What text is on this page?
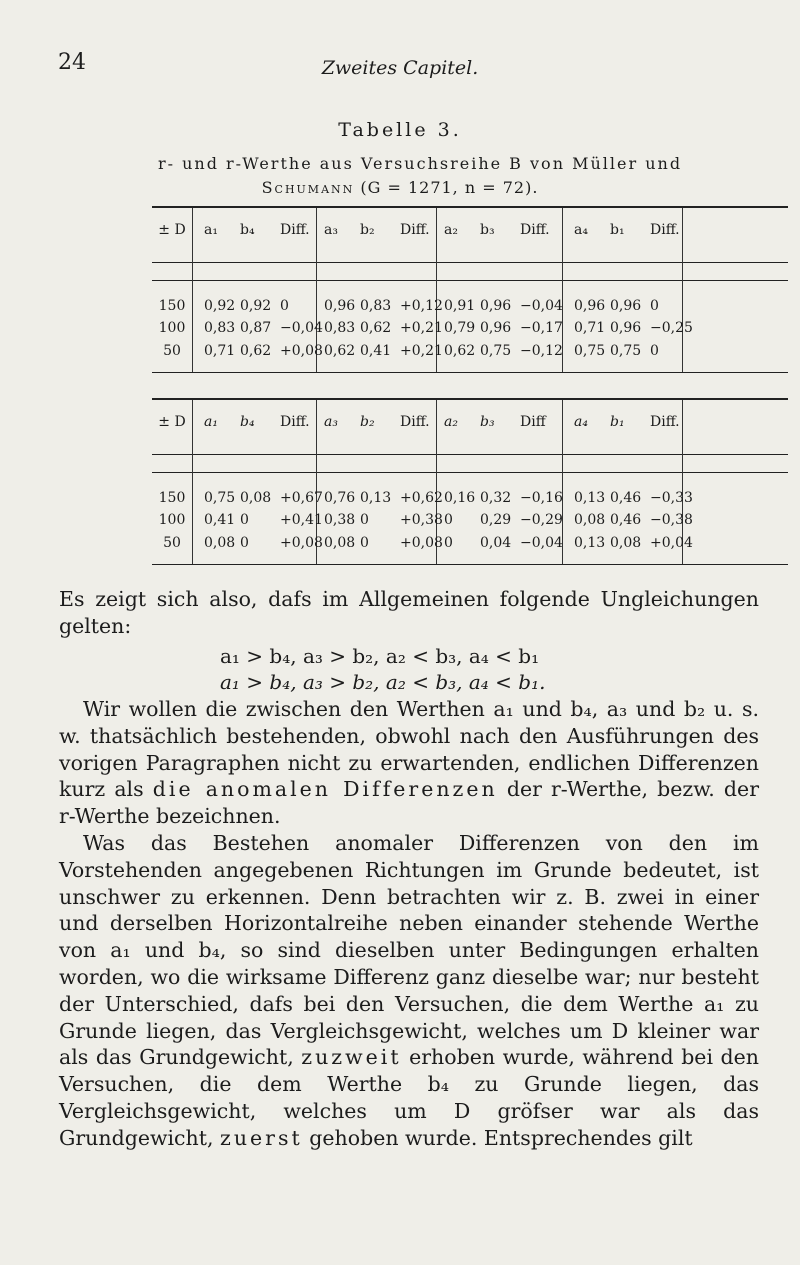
24	Zweites Capitel.
Tabelle 3.
r- und r-Werthe aus Versuchsreihe B von Müller und
Schumann (G = 1271, n = 72).
± D	a₁ b₄ Diff. a₃ b₂ Diff. a₂ b₃ Diff. a₄ b₁ Diff.
150	0,92 0,92 0	0,96 0,83 +0,12 0,91 0,96 −0,04 0,96 0,96 0
100	0,83 0,87 −0,04 0,83 0,62 +0,21 0,79 0,96 −0,17 0,71 0,96 −0,25
50	0,71 0,62 +0,08 0,62 0,41 +0,21 0,62 0,75 −0,12 0,75 0,75 0
± D	a₁ b₄ Diff. a₃ b₂ Diff. a₂ b₃ Diff a₄ b₁ Diff.
150	0,75 0,08 +0,67 0,76 0,13 +0,62 0,16 0,32 −0,16 0,13 0,46 −0,33
100	0,41 0 +0,41 0,38 0 +0,38 0 0,29 −0,29 0,08 0,46 −0,38
50	0,08 0 +0,08 0,08 0 +0,08 0 0,04 −0,04 0,13 0,08 +0,04

Es zeigt sich also, dafs im Allgemeinen folgende Ungleichungen gelten:

a₁ > b₄, a₃ > b₂, a₂ < b₃, a₄ < b₁
a₁ > b₄, a₃ > b₂, a₂ < b₃, a₄ < b₁.

Wir wollen die zwischen den Werthen a₁ und b₄, a₃ und b₂ u. s. w. thatsächlich bestehenden, obwohl nach den Ausführungen des vorigen Paragraphen nicht zu erwartenden, endlichen Differenzen kurz als die anomalen Differenzen der r-Werthe, bezw. der r-Werthe bezeichnen.

Was das Bestehen anomaler Differenzen von den im Vorstehenden angegebenen Richtungen im Grunde bedeutet, ist unschwer zu erkennen. Denn betrachten wir z. B. zwei in einer und derselben Horizontalreihe neben einander stehende Werthe von a₁ und b₄, so sind dieselben unter Bedingungen erhalten worden, wo die wirksame Differenz ganz dieselbe war; nur besteht der Unterschied, dafs bei den Versuchen, die dem Werthe a₁ zu Grunde liegen, das Vergleichsgewicht, welches um D kleiner war als das Grundgewicht, zuzweit erhoben wurde, während bei den Versuchen, die dem Werthe b₄ zu Grunde liegen, das Vergleichsgewicht, welches um D gröfser war als das Grundgewicht, zuerst gehoben wurde. Entsprechendes gilt
